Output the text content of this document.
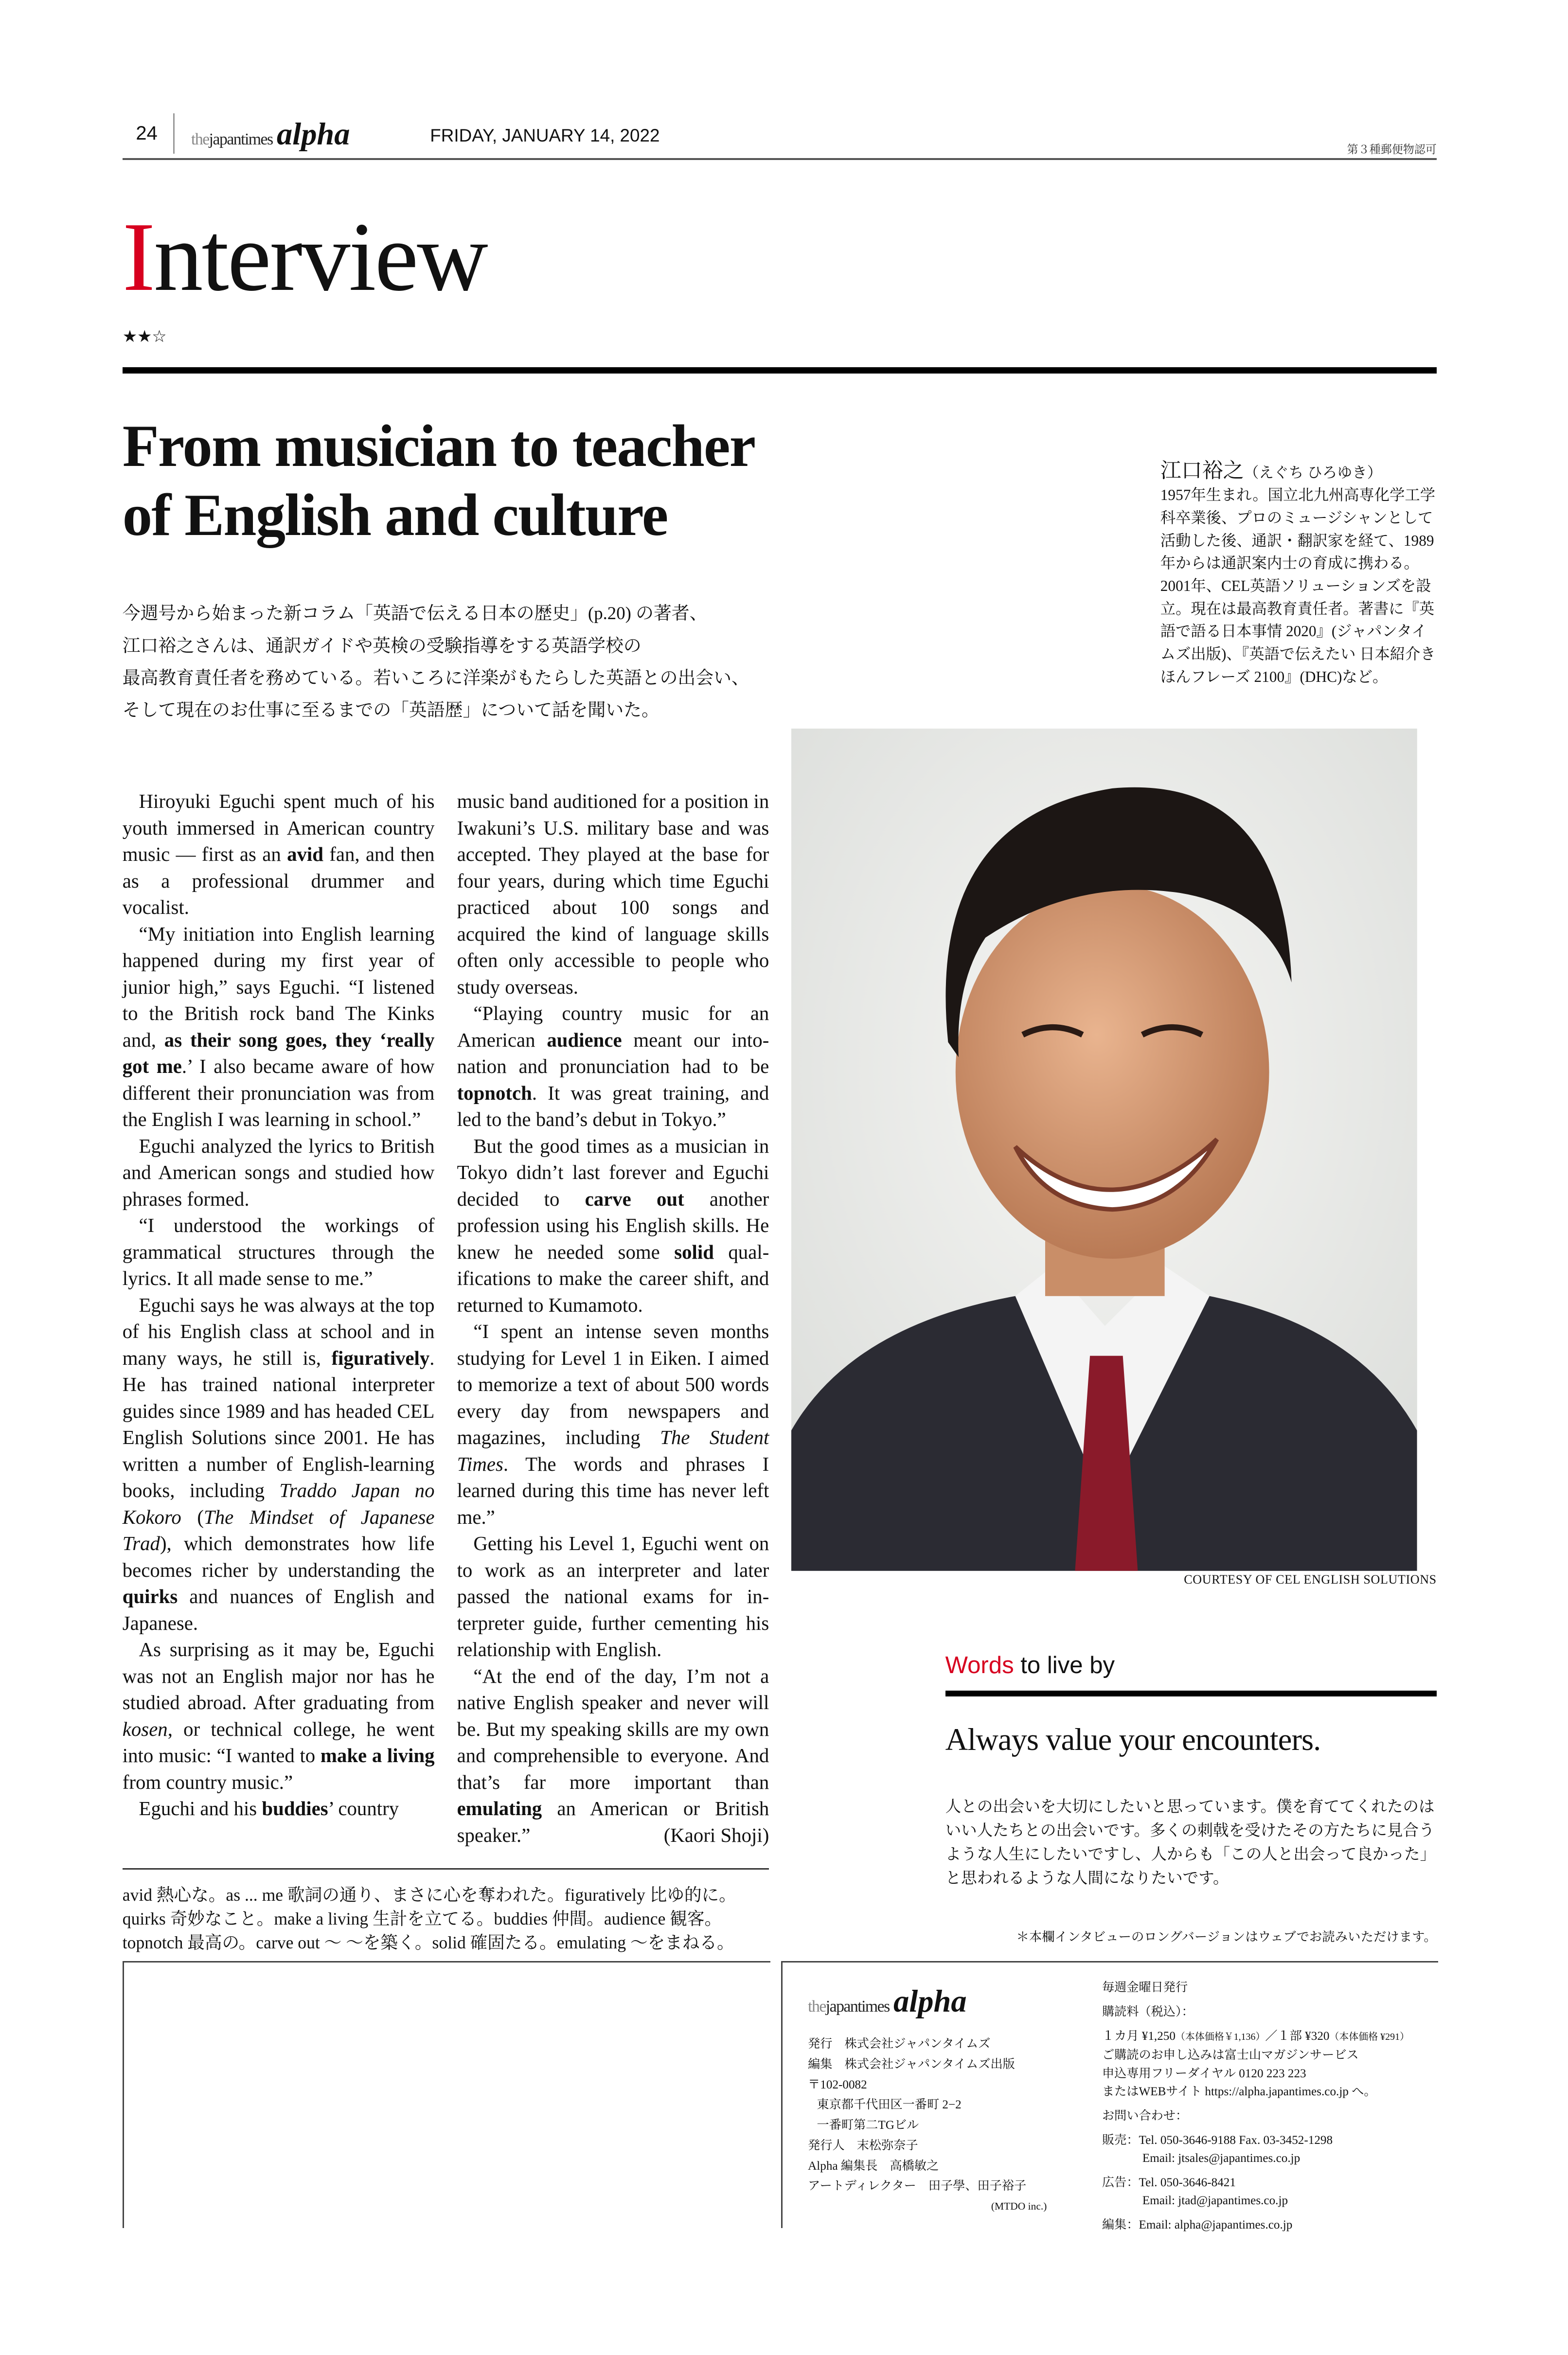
24	thejapantimes alpha	FRIDAY, JANUARY 14, 2022
第３種郵便物認可
Interview
★★☆
From musician to teacher
of English and culture
江口裕之（えぐち ひろゆき）
1957年生まれ。国立北九州高専化学工学科卒業後、プロのミュージシャンとして活動した後、通訳・翻訳家を経て、1989年からは通訳案内士の育成に携わる。2001年、CEL英語ソリューションズを設立。現在は最高教育責任者。著書に『英語で語る日本事情 2020』(ジャパンタイムズ出版)、『英語で伝えたい 日本紹介きほんフレーズ 2100』(DHC)など。
今週号から始まった新コラム「英語で伝える日本の歴史」(p.20) の著者、
江口裕之さんは、通訳ガイドや英検の受験指導をする英語学校の
最高教育責任者を務めている。若いころに洋楽がもたらした英語との出会い、
そして現在のお仕事に至るまでの「英語歴」について話を聞いた。

Hiroyuki Eguchi spent much of his youth immersed in American country music — first as an avid fan, and then as a professional drummer and vocalist.

“My initiation into English learning happened during my first year of junior high,” says Eguchi. “I listened to the British rock band The Kinks and, as their song goes, they ‘really got me.’ I also became aware of how different their pronunciation was from the English I was learning in school.”

Eguchi analyzed the lyrics to British and American songs and studied how phrases formed.

“I understood the workings of grammatical structures through the lyrics. It all made sense to me.”

Eguchi says he was always at the top of his English class at school and in many ways, he still is, figuratively. He has trained national interpreter guides since 1989 and has headed CEL English Solutions since 2001. He has written a number of English-learning books, including Traddo Japan no Kokoro (The Mindset of Japanese Trad), which demonstrates how life becomes richer by understanding the quirks and nuances of English and Japanese.

As surprising as it may be, Eguchi was not an English major nor has he studied abroad. After graduating from kosen, or technical college, he went into music: “I wanted to make a living from country music.”

Eguchi and his buddies’ country

music band auditioned for a position in Iwakuni’s U.S. military base and was accepted. They played at the base for four years, during which time Eguchi practiced about 100 songs and acquired the kind of language skills often only accessible to people who study overseas.

“Playing country music for an American audience meant our intonation and pronunciation had to be topnotch. It was great training, and led to the band’s debut in Tokyo.”

But the good times as a musician in Tokyo didn’t last forever and Eguchi decided to carve out another profession using his English skills. He knew he needed some solid qualifications to make the career shift, and returned to Kumamoto.

“I spent an intense seven months studying for Level 1 in Eiken. I aimed to memorize a text of about 500 words every day from newspapers and magazines, including The Student Times. The words and phrases I learned during this time has never left me.”

Getting his Level 1, Eguchi went on to work as an interpreter and later passed the national exams for interpreter guide, further cementing his relationship with English.

“At the end of the day, I’m not a native English speaker and never will be. But my speaking skills are my own and comprehensible to everyone. And that’s far more important than emulating an American or British speaker.”	(Kaori Shoji)

COURTESY OF CEL ENGLISH SOLUTIONS
Words to live by
Always value your encounters.
人との出会いを大切にしたいと思っています。僕を育ててくれたのはいい人たちとの出会いです。多くの刺戟を受けたその方たちに見合うような人生にしたいですし、人からも「この人と出会って良かった」と思われるような人間になりたいです。
＊本欄インタビューのロングバージョンはウェブでお読みいただけます。
avid 熱心な。as ... me 歌詞の通り、まさに心を奪われた。figuratively 比ゆ的に。
quirks 奇妙なこと。make a living 生計を立てる。buddies 仲間。audience 観客。
topnotch 最高の。carve out ～ ～を築く。solid 確固たる。emulating ～をまねる。
thejapantimes alpha
発行　株式会社ジャパンタイムズ
編集　株式会社ジャパンタイムズ出版
〒102-0082
東京都千代田区一番町 2−2
一番町第二TGビル
発行人　末松弥奈子
Alpha 編集長　高橋敏之
アートディレクター　田子學、田子裕子
(MTDO inc.)
毎週金曜日発行
購読料（税込）：
１カ月 ¥1,250（本体価格￥1,136）／１部 ¥320（本体価格 ¥291）
ご購読のお申し込みは富士山マガジンサービス
申込専用フリーダイヤル 0120 223 223
またはWEBサイト https://alpha.japantimes.co.jp へ。
お問い合わせ：
販売：Tel. 050-3646-9188 Fax. 03-3452-1298
Email: jtsales@japantimes.co.jp
広告：Tel. 050-3646-8421
Email: jtad@japantimes.co.jp
編集：Email: alpha@japantimes.co.jp
